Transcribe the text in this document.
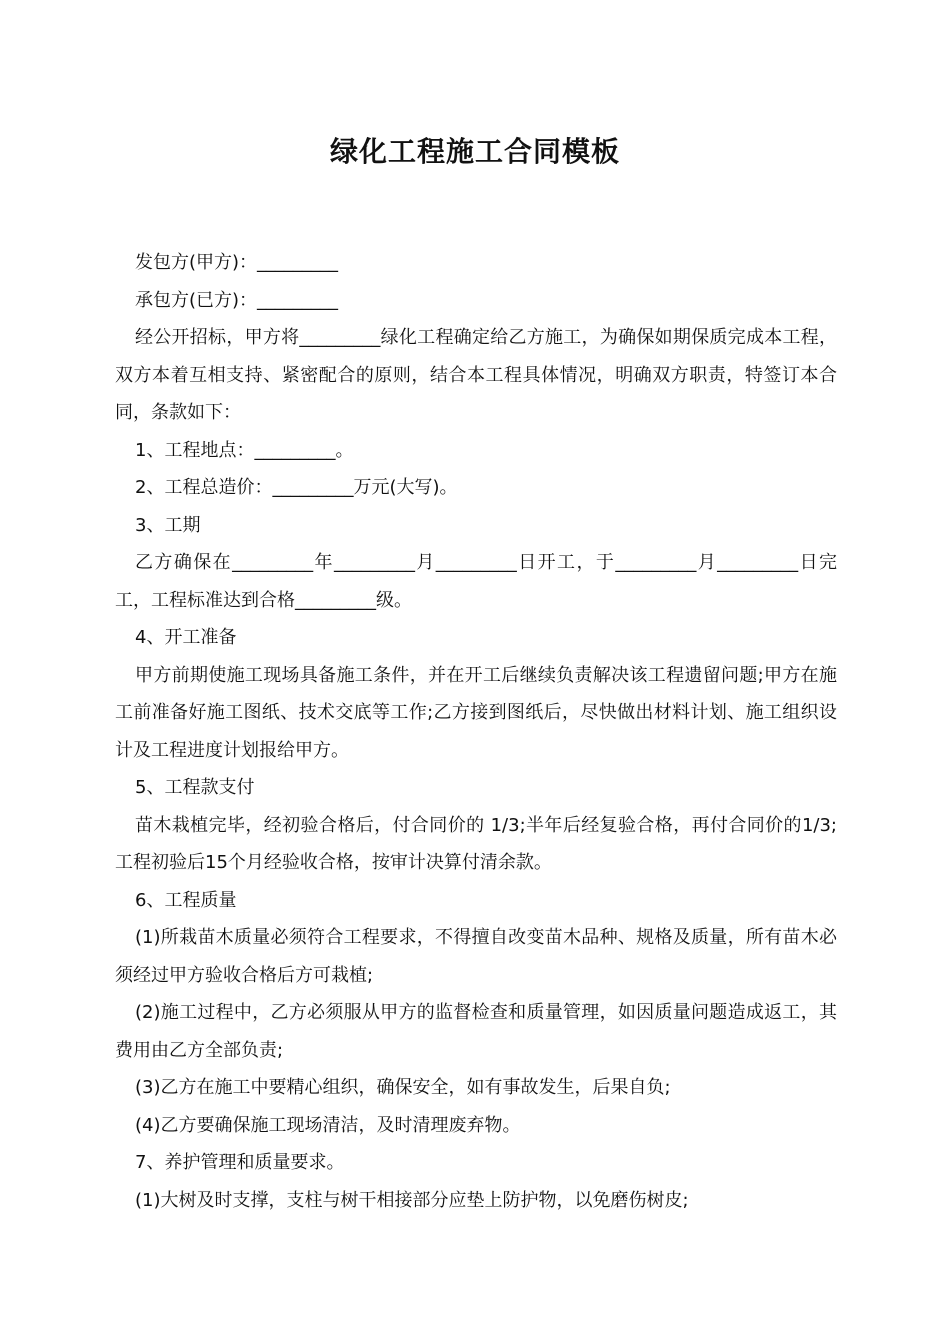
绿化工程施工合同模板

发包方(甲方)：_________

承包方(已方)：_________

经公开招标，甲方将_________绿化工程确定给乙方施工，为确保如期保质完成本工程，双方本着互相支持、紧密配合的原则，结合本工程具体情况，明确双方职责，特签订本合同，条款如下：

1、工程地点：_________。

2、工程总造价：_________万元(大写)。

3、工期

乙方确保在_________年_________月_________日开工，于_________月_________日完工，工程标准达到合格_________级。

4、开工准备

甲方前期使施工现场具备施工条件，并在开工后继续负责解决该工程遗留问题;甲方在施工前准备好施工图纸、技术交底等工作;乙方接到图纸后，尽快做出材料计划、施工组织设计及工程进度计划报给甲方。

5、工程款支付

苗木栽植完毕，经初验合格后，付合同价的 1/3;半年后经复验合格，再付合同价的1/3;工程初验后15个月经验收合格，按审计决算付清余款。

6、工程质量

(1)所栽苗木质量必须符合工程要求，不得擅自改变苗木品种、规格及质量，所有苗木必须经过甲方验收合格后方可栽植;

(2)施工过程中，乙方必须服从甲方的监督检查和质量管理，如因质量问题造成返工，其费用由乙方全部负责;

(3)乙方在施工中要精心组织，确保安全，如有事故发生，后果自负;

(4)乙方要确保施工现场清洁，及时清理废弃物。

7、养护管理和质量要求。

(1)大树及时支撑，支柱与树干相接部分应垫上防护物，以免磨伤树皮;
